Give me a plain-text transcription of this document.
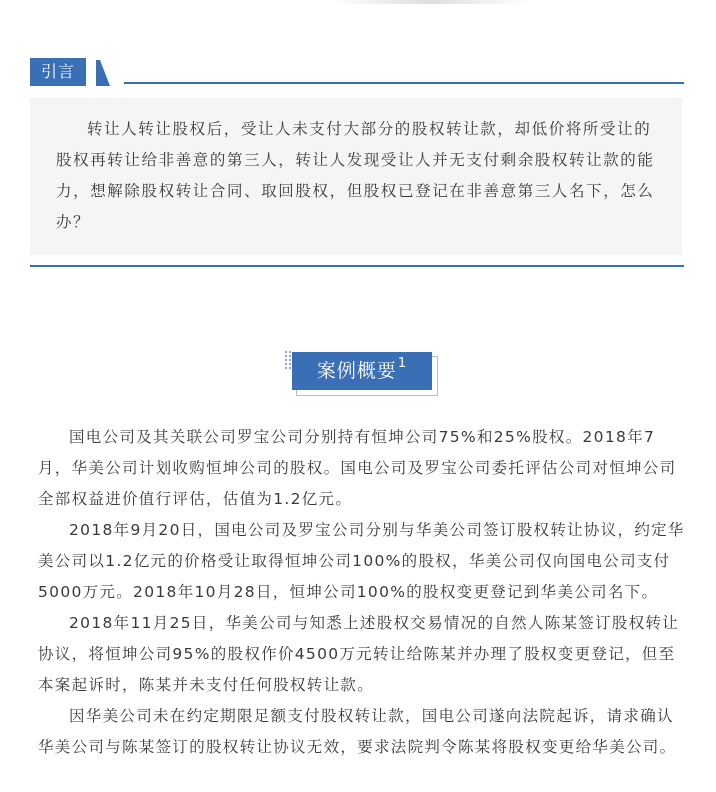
引言

转让人转让股权后，受让人未支付大部分的股权转让款，却低价将所受让的股权再转让给非善意的第三人，转让人发现受让人并无支付剩余股权转让款的能力，想解除股权转让合同、取回股权，但股权已登记在非善意第三人名下，怎么办？

案例概要$^1$

国电公司及其关联公司罗宝公司分别持有恒坤公司75%和25%股权。2018年7月，华美公司计划收购恒坤公司的股权。国电公司及罗宝公司委托评估公司对恒坤公司全部权益进价值行评估，估值为1.2亿元。

2018年9月20日，国电公司及罗宝公司分别与华美公司签订股权转让协议，约定华美公司以1.2亿元的价格受让取得恒坤公司100%的股权，华美公司仅向国电公司支付5000万元。2018年10月28日，恒坤公司100%的股权变更登记到华美公司名下。

2018年11月25日，华美公司与知悉上述股权交易情况的自然人陈某签订股权转让协议，将恒坤公司95%的股权作价4500万元转让给陈某并办理了股权变更登记，但至本案起诉时，陈某并未支付任何股权转让款。

因华美公司未在约定期限足额支付股权转让款，国电公司遂向法院起诉，请求确认华美公司与陈某签订的股权转让协议无效，要求法院判令陈某将股权变更给华美公司。
